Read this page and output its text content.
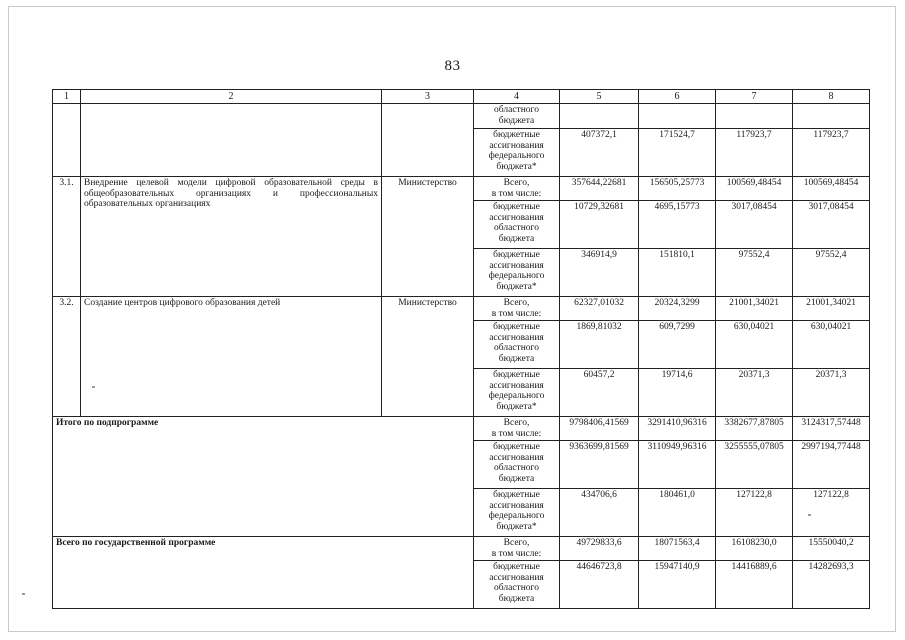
83
1	2	3	4	5	6	7	8
			областного
бюджета				
			бюджетные
ассигнования
федерального
бюджета*	407372,1	171524,7	117923,7	117923,7
3.1.	Внедрение целевой модели цифровой образовательной среды в общеобразовательных организациях и профессиональных образовательных организациях	Министерство	Всего,
в том числе:	357644,22681	156505,25773	100569,48454	100569,48454
			бюджетные
ассигнования
областного
бюджета	10729,32681	4695,15773	3017,08454	3017,08454
			бюджетные
ассигнования
федерального
бюджета*	346914,9	151810,1	97552,4	97552,4
3.2.	Создание центров цифрового образования детей	Министерство	Всего,
в том числе:	62327,01032	20324,3299	21001,34021	21001,34021
			бюджетные
ассигнования
областного
бюджета	1869,81032	609,7299	630,04021	630,04021
			бюджетные
ассигнования
федерального
бюджета*	60457,2	19714,6	20371,3	20371,3
Итого по подпрограмме			Всего,
в том числе:	9798406,41569	3291410,96316	3382677,87805	3124317,57448
			бюджетные
ассигнования
областного
бюджета	9363699,81569	3110949,96316	3255555,07805	2997194,77448
			бюджетные
ассигнования
федерального
бюджета*	434706,6	180461,0	127122,8	127122,8
Всего по государственной программе			Всего,
в том числе:	49729833,6	18071563,4	16108230,0	15550040,2
			бюджетные
ассигнования
областного
бюджета	44646723,8	15947140,9	14416889,6	14282693,3
